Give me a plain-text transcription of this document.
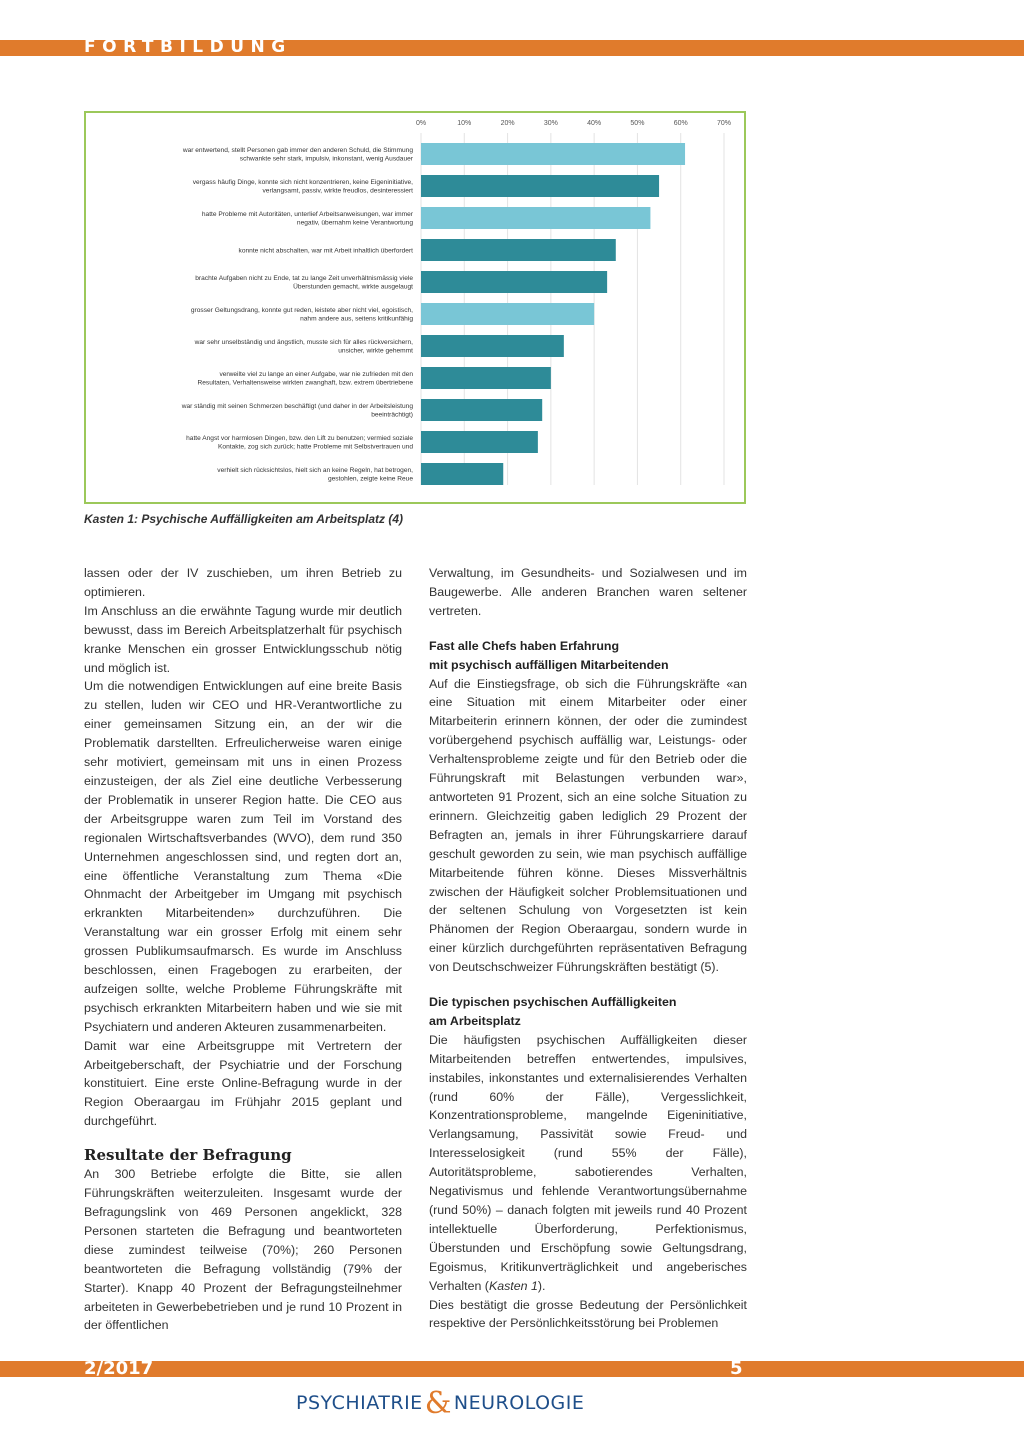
FORTBILDUNG
0%	10%	20%	30%	40%	50%	60%	70%
war entwertend, stellt Personen gab immer den anderen Schuld, die Stimmung schwankte sehr stark, impulsiv, inkonstant, wenig Ausdauer
vergass häufig Dinge, konnte sich nicht konzentrieren, keine Eigeninitiative, verlangsamt, passiv, wirkte freudlos, desinteressiert
hatte Probleme mit Autoritäten, unterlief Arbeitsanweisungen, war immer negativ, übernahm keine Verantwortung
konnte nicht abschalten, war mit Arbeit inhaltlich überfordert
brachte Aufgaben nicht zu Ende, tat zu lange Zeit unverhältnismässig viele Überstunden gemacht, wirkte ausgelaugt
grosser Geltungsdrang, konnte gut reden, leistete aber nicht viel, egoistisch, nahm andere aus, seitens kritikunfähig
war sehr unselbständig und ängstlich, musste sich für alles rückversichern, unsicher, wirkte gehemmt
verweilte viel zu lange an einer Aufgabe, war nie zufrieden mit den Resultaten, Verhaltensweise wirkten zwanghaft, bzw. extrem übertriebene
war ständig mit seinen Schmerzen beschäftigt (und daher in der Arbeitsleistung beeinträchtigt)
hatte Angst vor harmlosen Dingen, bzw. den Lift zu benutzen; vermied soziale Kontakte, zog sich zurück; hatte Probleme mit Selbstvertrauen und
verhielt sich rücksichtslos, hielt sich an keine Regeln, hat betrogen, gestohlen, zeigte keine Reue
Kasten 1: Psychische Auffälligkeiten am Arbeitsplatz (4)

lassen oder der IV zuschieben, um ihren Betrieb zu optimieren.

Im Anschluss an die erwähnte Tagung wurde mir deutlich bewusst, dass im Bereich Arbeitsplatzerhalt für psychisch kranke Menschen ein grosser Entwicklungsschub nötig und möglich ist.

Um die notwendigen Entwicklungen auf eine breite Basis zu stellen, luden wir CEO und HR-Verantwortliche zu einer gemeinsamen Sitzung ein, an der wir die Problematik darstellten. Erfreulicherweise waren einige sehr motiviert, gemeinsam mit uns in einen Prozess einzusteigen, der als Ziel eine deutliche Verbesserung der Problematik in unserer Region hatte. Die CEO aus der Arbeitsgruppe waren zum Teil im Vorstand des regionalen Wirtschaftsverbandes (WVO), dem rund 350 Unternehmen angeschlossen sind, und regten dort an, eine öffentliche Veranstaltung zum Thema «Die Ohnmacht der Arbeitgeber im Umgang mit psychisch erkrankten Mitarbeitenden» durchzuführen. Die Veranstaltung war ein grosser Erfolg mit einem sehr grossen Publikumsaufmarsch. Es wurde im Anschluss beschlossen, einen Fragebogen zu erarbeiten, der aufzeigen sollte, welche Probleme Führungskräfte mit psychisch erkrankten Mitarbeitern haben und wie sie mit Psychiatern und anderen Akteuren zusammenarbeiten.

Damit war eine Arbeitsgruppe mit Vertretern der Arbeitgeberschaft, der Psychiatrie und der Forschung konstituiert. Eine erste Online-Befragung wurde in der Region Oberaargau im Frühjahr 2015 geplant und durchgeführt.

Resultate der Befragung

An 300 Betriebe erfolgte die Bitte, sie allen Führungskräften weiterzuleiten. Insgesamt wurde der Befragungslink von 469 Personen angeklickt, 328 Personen starteten die Befragung und beantworteten diese zumindest teilweise (70%); 260 Personen beantworteten die Befragung vollständig (79% der Starter). Knapp 40 Prozent der Befragungsteilnehmer arbeiteten in Gewerbebetrieben und je rund 10 Prozent in der öffentlichen

Verwaltung, im Gesundheits- und Sozialwesen und im Baugewerbe. Alle anderen Branchen waren seltener vertreten.

Fast alle Chefs haben Erfahrung

mit psychisch auffälligen Mitarbeitenden

Auf die Einstiegsfrage, ob sich die Führungskräfte «an eine Situation mit einem Mitarbeiter oder einer Mitarbeiterin erinnern können, der oder die zumindest vorübergehend psychisch auffällig war, Leistungs- oder Verhaltensprobleme zeigte und für den Betrieb oder die Führungskraft mit Belastungen verbunden war», antworteten 91 Prozent, sich an eine solche Situation zu erinnern. Gleichzeitig gaben lediglich 29 Prozent der Befragten an, jemals in ihrer Führungskarriere darauf geschult geworden zu sein, wie man psychisch auffällige Mitarbeitende führen könne. Dieses Missverhältnis zwischen der Häufigkeit solcher Problemsituationen und der seltenen Schulung von Vorgesetzten ist kein Phänomen der Region Oberaargau, sondern wurde in einer kürzlich durchgeführten repräsentativen Befragung von Deutschschweizer Führungskräften bestätigt (5).

Die typischen psychischen Auffälligkeiten

am Arbeitsplatz

Die häufigsten psychischen Auffälligkeiten dieser Mitarbeitenden betreffen entwertendes, impulsives, instabiles, inkonstantes und externalisierendes Verhalten (rund 60% der Fälle), Vergesslichkeit, Konzentrationsprobleme, mangelnde Eigeninitiative, Verlangsamung, Passivität sowie Freud- und Interesselosigkeit (rund 55% der Fälle), Autoritätsprobleme, sabotierendes Verhalten, Negativismus und fehlende Verantwortungsübernahme (rund 50%) – danach folgten mit jeweils rund 40 Prozent intellektuelle Überforderung, Perfektionismus, Überstunden und Erschöpfung sowie Geltungsdrang, Egoismus, Kritikunverträglichkeit und angeberisches Verhalten (Kasten 1).

Dies bestätigt die grosse Bedeutung der Persönlichkeit respektive der Persönlichkeitsstörung bei Problemen

2/2017	5
PSYCHIATRIE& NEUROLOGIE
